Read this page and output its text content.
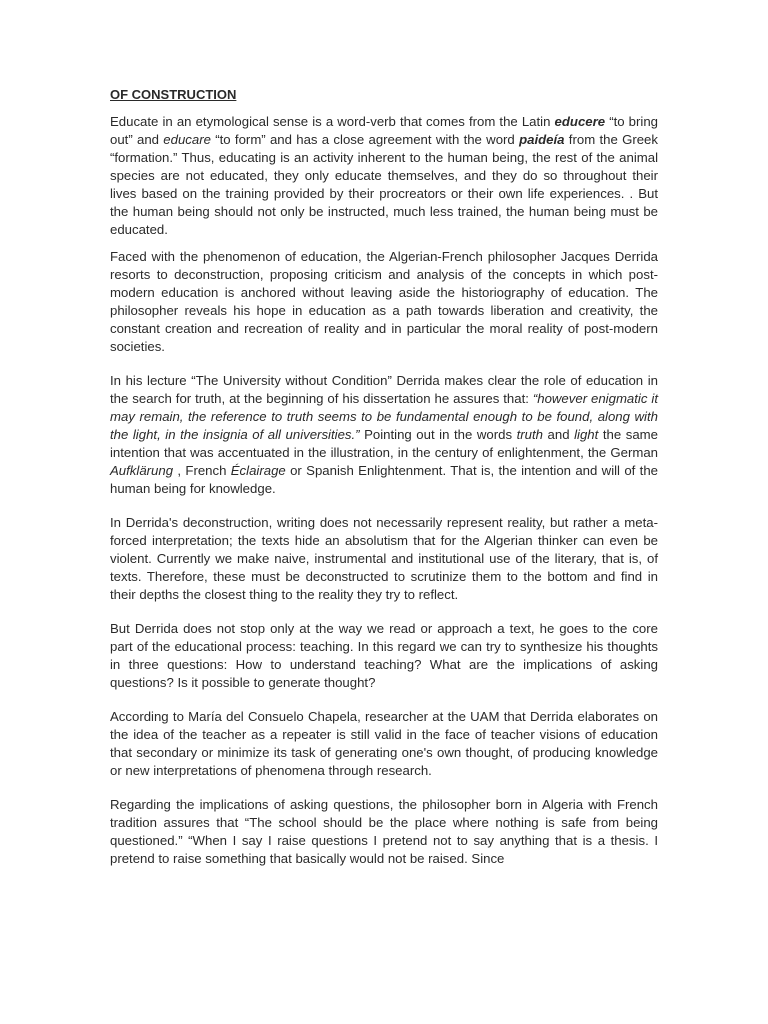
OF CONSTRUCTION

Educate in an etymological sense is a word-verb that comes from the Latin educere “to bring out” and educare “to form” and has a close agreement with the word paideía from the Greek “formation.” Thus, educating is an activity inherent to the human being, the rest of the animal species are not educated, they only educate themselves, and they do so throughout their lives based on the training provided by their procreators or their own life experiences. . But the human being should not only be instructed, much less trained, the human being must be educated.

Faced with the phenomenon of education, the Algerian-French philosopher Jacques Derrida resorts to deconstruction, proposing criticism and analysis of the concepts in which post-modern education is anchored without leaving aside the historiography of education. The philosopher reveals his hope in education as a path towards liberation and creativity, the constant creation and recreation of reality and in particular the moral reality of post-modern societies.

In his lecture “The University without Condition” Derrida makes clear the role of education in the search for truth, at the beginning of his dissertation he assures that: “however enigmatic it may remain, the reference to truth seems to be fundamental enough to be found, along with the light, in the insignia of all universities.” Pointing out in the words truth and light the same intention that was accentuated in the illustration, in the century of enlightenment, the German Aufklärung , French Éclairage or Spanish Enlightenment. That is, the intention and will of the human being for knowledge.

In Derrida's deconstruction, writing does not necessarily represent reality, but rather a meta-forced interpretation; the texts hide an absolutism that for the Algerian thinker can even be violent. Currently we make naive, instrumental and institutional use of the literary, that is, of texts. Therefore, these must be deconstructed to scrutinize them to the bottom and find in their depths the closest thing to the reality they try to reflect.

But Derrida does not stop only at the way we read or approach a text, he goes to the core part of the educational process: teaching. In this regard we can try to synthesize his thoughts in three questions: How to understand teaching? What are the implications of asking questions? Is it possible to generate thought?

According to María del Consuelo Chapela, researcher at the UAM that Derrida elaborates on the idea of the teacher as a repeater is still valid in the face of teacher visions of education that secondary or minimize its task of generating one's own thought, of producing knowledge or new interpretations of phenomena through research.

Regarding the implications of asking questions, the philosopher born in Algeria with French tradition assures that “The school should be the place where nothing is safe from being questioned.” “When I say I raise questions I pretend not to say anything that is a thesis. I pretend to raise something that basically would not be raised. Since
